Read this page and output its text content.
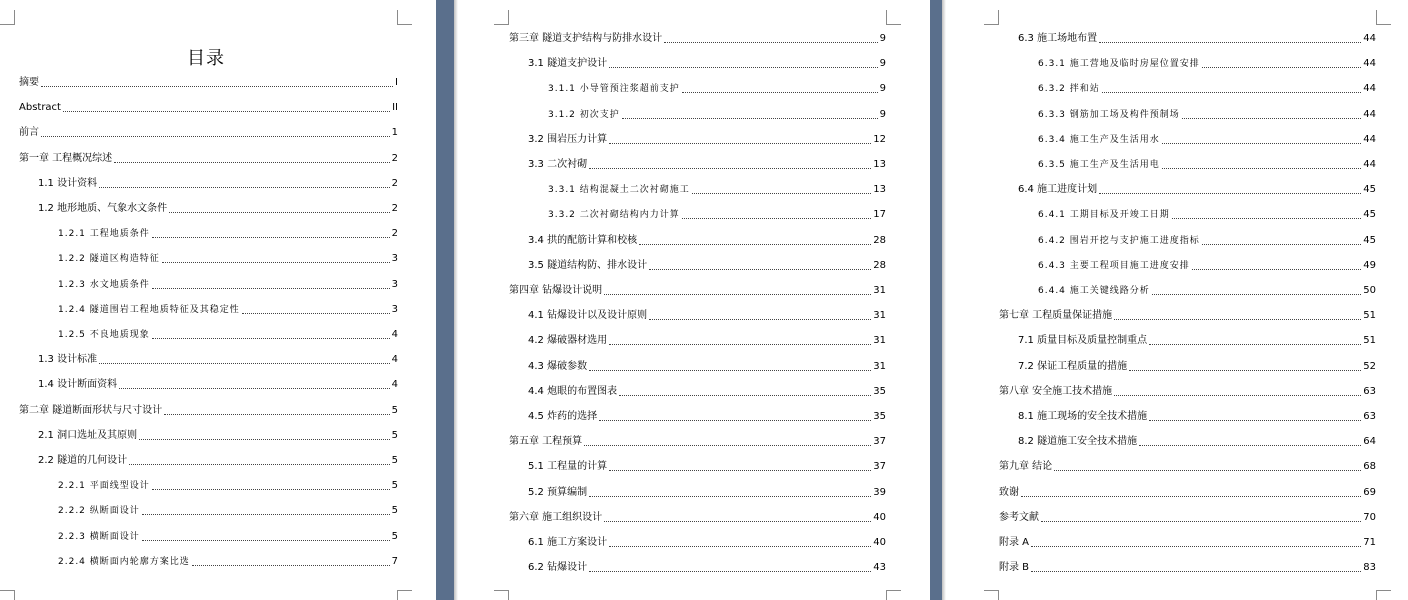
目录
摘要	I
Abstract	II
前言	1
第一章 工程概况综述	2
1.1 设计资料	2
1.2 地形地质、气象水文条件	2
1.2.1 工程地质条件	2
1.2.2 隧道区构造特征	3
1.2.3 水文地质条件	3
1.2.4 隧道围岩工程地质特征及其稳定性	3
1.2.5 不良地质现象	4
1.3 设计标准	4
1.4 设计断面资料	4
第二章 隧道断面形状与尺寸设计	5
2.1 洞口选址及其原则	5
2.2 隧道的几何设计	5
2.2.1 平面线型设计	5
2.2.2 纵断面设计	5
2.2.3 横断面设计	5
2.2.4 横断面内轮廓方案比选	7
第三章 隧道支护结构与防排水设计	9
3.1 隧道支护设计	9
3.1.1 小导管预注浆超前支护	9
3.1.2 初次支护	9
3.2 围岩压力计算	12
3.3 二次衬砌	13
3.3.1 结构混凝土二次衬砌施工	13
3.3.2 二次衬砌结构内力计算	17
3.4 拱的配筋计算和校核	28
3.5 隧道结构防、排水设计	28
第四章 钻爆设计说明	31
4.1 钻爆设计以及设计原则	31
4.2 爆破器材选用	31
4.3 爆破参数	31
4.4 炮眼的布置图表	35
4.5 炸药的选择	35
第五章 工程预算	37
5.1 工程量的计算	37
5.2 预算编制	39
第六章 施工组织设计	40
6.1 施工方案设计	40
6.2 钻爆设计	43
6.3 施工场地布置	44
6.3.1 施工营地及临时房屋位置安排	44
6.3.2 拌和站	44
6.3.3 钢筋加工场及构件预制场	44
6.3.4 施工生产及生活用水	44
6.3.5 施工生产及生活用电	44
6.4 施工进度计划	45
6.4.1 工期目标及开竣工日期	45
6.4.2 围岩开挖与支护施工进度指标	45
6.4.3 主要工程项目施工进度安排	49
6.4.4 施工关键线路分析	50
第七章 工程质量保证措施	51
7.1 质量目标及质量控制重点	51
7.2 保证工程质量的措施	52
第八章 安全施工技术措施	63
8.1 施工现场的安全技术措施	63
8.2 隧道施工安全技术措施	64
第九章 结论	68
致谢	69
参考文献	70
附录 A	71
附录 B	83
